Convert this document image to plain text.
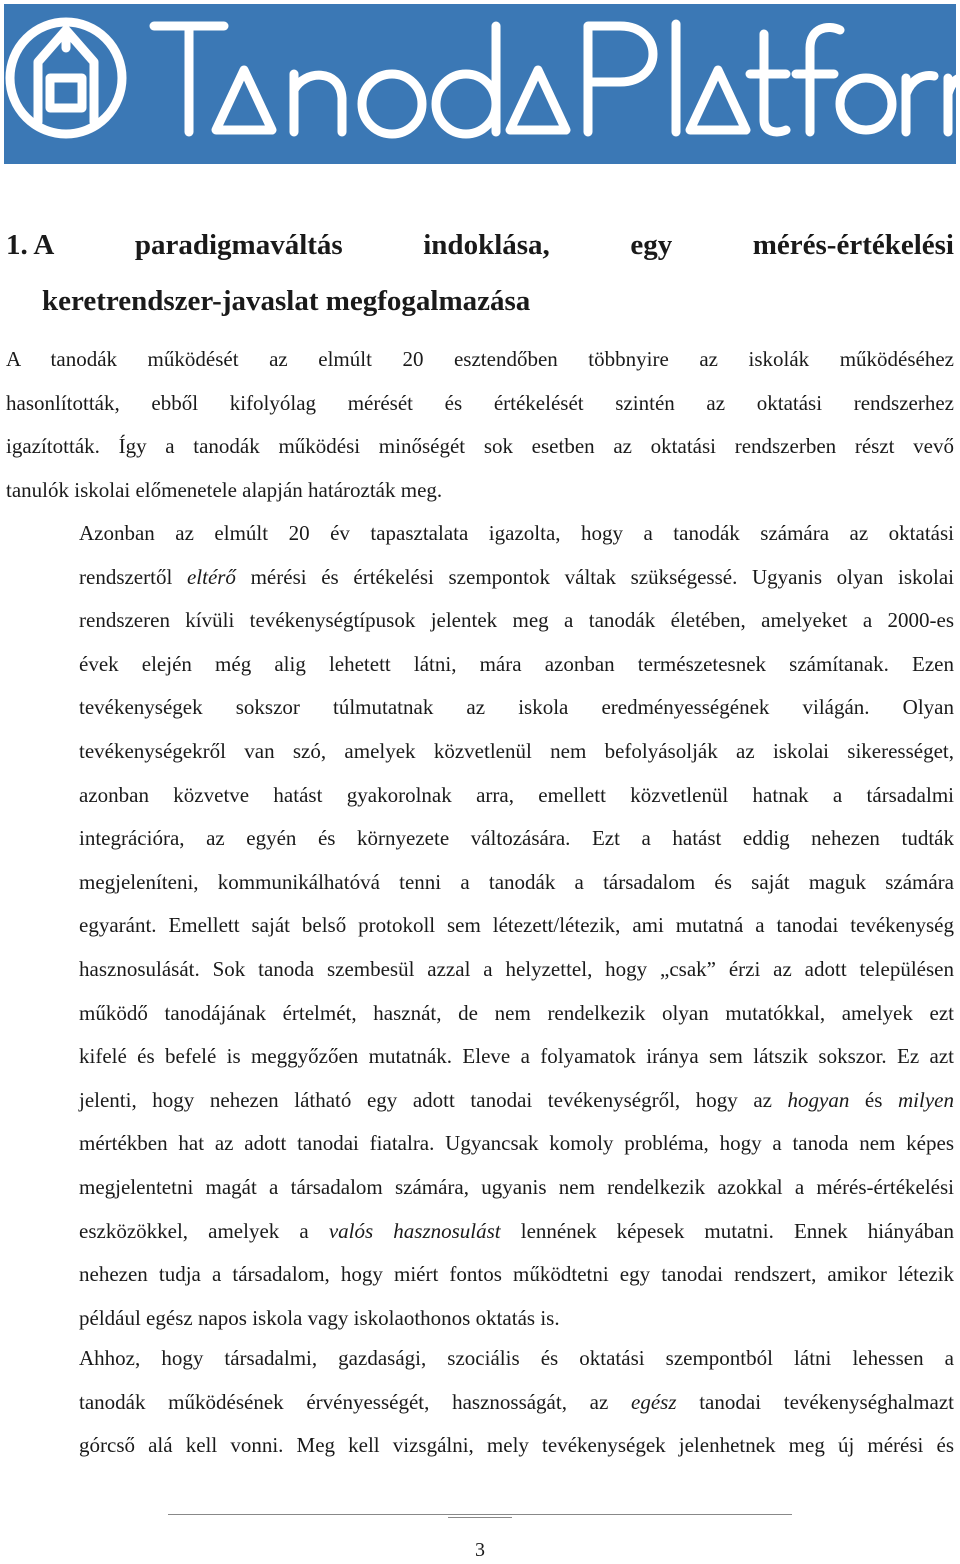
1. A	paradigmaváltás	indoklása,	egy	mérés-értékelési
keretrendszer-javaslat megfogalmazása
A tanodák működését az elmúlt 20 esztendőben többnyire az iskolák működéséhez
hasonlították, ebből kifolyólag mérését és értékelését szintén az oktatási rendszerhez
igazították. Így a tanodák működési minőségét sok esetben az oktatási rendszerben részt vevő
tanulók iskolai előmenetele alapján határozták meg.
Azonban az elmúlt 20 év tapasztalata igazolta, hogy a tanodák számára az oktatási
rendszertől eltérő mérési és értékelési szempontok váltak szükségessé. Ugyanis olyan iskolai
rendszeren kívüli tevékenységtípusok jelentek meg a tanodák életében, amelyeket a 2000-es
évek elején még alig lehetett látni, mára azonban természetesnek számítanak. Ezen
tevékenységek sokszor túlmutatnak az iskola eredményességének világán. Olyan
tevékenységekről van szó, amelyek közvetlenül nem befolyásolják az iskolai sikerességet,
azonban közvetve hatást gyakorolnak arra, emellett közvetlenül hatnak a társadalmi
integrációra, az egyén és környezete változására. Ezt a hatást eddig nehezen tudták
megjeleníteni, kommunikálhatóvá tenni a tanodák a társadalom és saját maguk számára
egyaránt. Emellett saját belső protokoll sem létezett/létezik, ami mutatná a tanodai tevékenység
hasznosulását. Sok tanoda szembesül azzal a helyzettel, hogy „csak” érzi az adott településen
működő tanodájának értelmét, hasznát, de nem rendelkezik olyan mutatókkal, amelyek ezt
kifelé és befelé is meggyőzően mutatnák. Eleve a folyamatok iránya sem látszik sokszor. Ez azt
jelenti, hogy nehezen látható egy adott tanodai tevékenységről, hogy az hogyan és milyen
mértékben hat az adott tanodai fiatalra. Ugyancsak komoly probléma, hogy a tanoda nem képes
megjelentetni magát a társadalom számára, ugyanis nem rendelkezik azokkal a mérés-értékelési
eszközökkel, amelyek a valós hasznosulást lennének képesek mutatni. Ennek hiányában
nehezen tudja a társadalom, hogy miért fontos működtetni egy tanodai rendszert, amikor létezik
például egész napos iskola vagy iskolaothonos oktatás is.
Ahhoz, hogy társadalmi, gazdasági, szociális és oktatási szempontból látni lehessen a
tanodák működésének érvényességét, hasznosságát, az egész tanodai tevékenységhalmazt
górcső alá kell vonni. Meg kell vizsgálni, mely tevékenységek jelenhetnek meg új mérési és
3
